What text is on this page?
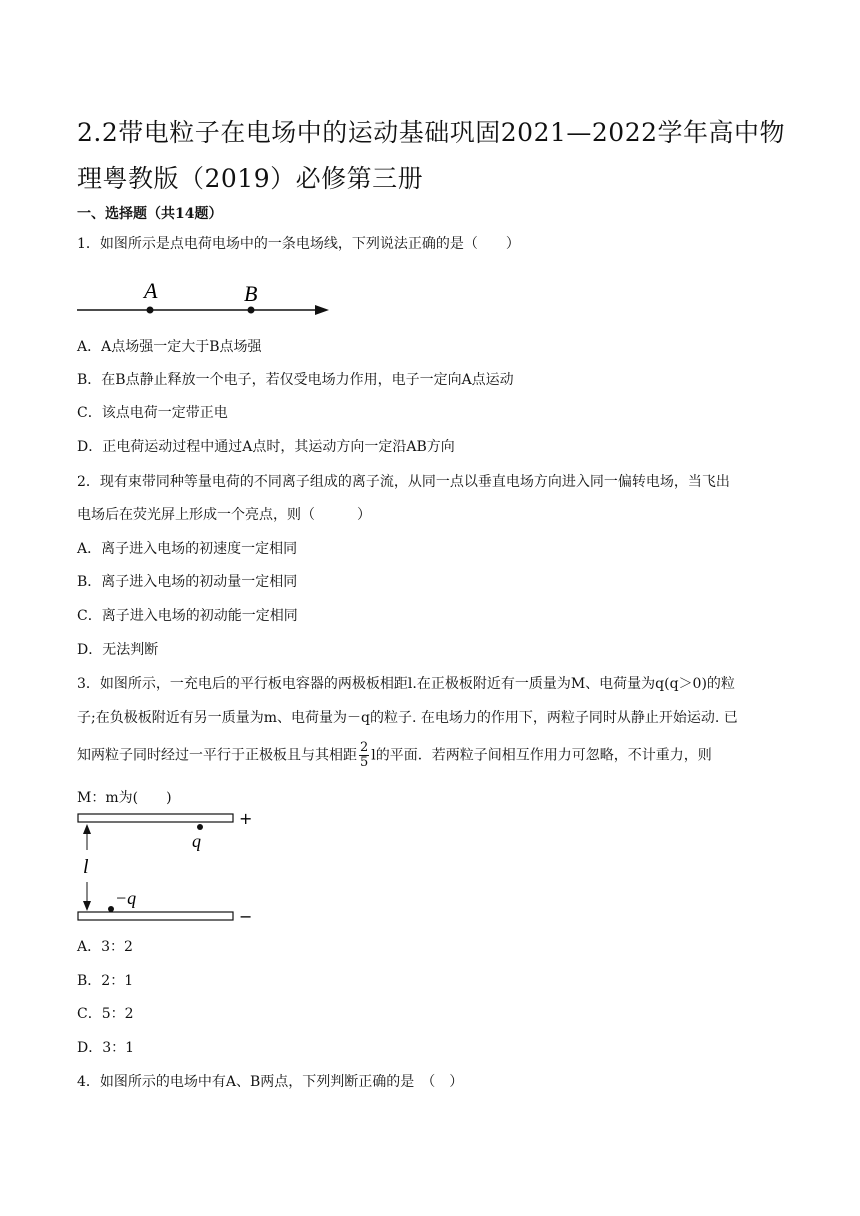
2.2带电粒子在电场中的运动基础巩固2021—2022学年高中物理粤教版（2019）必修第三册
一、选择题（共14题）
1．如图所示是点电荷电场中的一条电场线，下列说法正确的是（　　）
A	B
A．A点场强一定大于B点场强
B．在B点静止释放一个电子，若仅受电场力作用，电子一定向A点运动
C．该点电荷一定带正电
D．正电荷运动过程中通过A点时，其运动方向一定沿AB方向
2．现有束带同种等量电荷的不同离子组成的离子流，从同一点以垂直电场方向进入同一偏转电场，当飞出
电场后在荧光屏上形成一个亮点，则（　　　）
A．离子进入电场的初速度一定相同
B．离子进入电场的初动量一定相同
C．离子进入电场的初动能一定相同
D．无法判断
3．如图所示，一充电后的平行板电容器的两极板相距l.在正极板附近有一质量为M、电荷量为q(q＞0)的粒
子;在负极板附近有另一质量为m、电荷量为－q的粒子. 在电场力的作用下，两粒子同时从静止开始运动. 已
知两粒子同时经过一平行于正极板且与其相距 $\frac{2}{5}$ l的平面．若两粒子间相互作用力可忽略，不计重力，则
M：m为(　　)
+
−
q
−q
l
A．3：2
B．2：1
C．5：2
D．3：1
4．如图所示的电场中有A、B两点，下列判断正确的是　（　）
